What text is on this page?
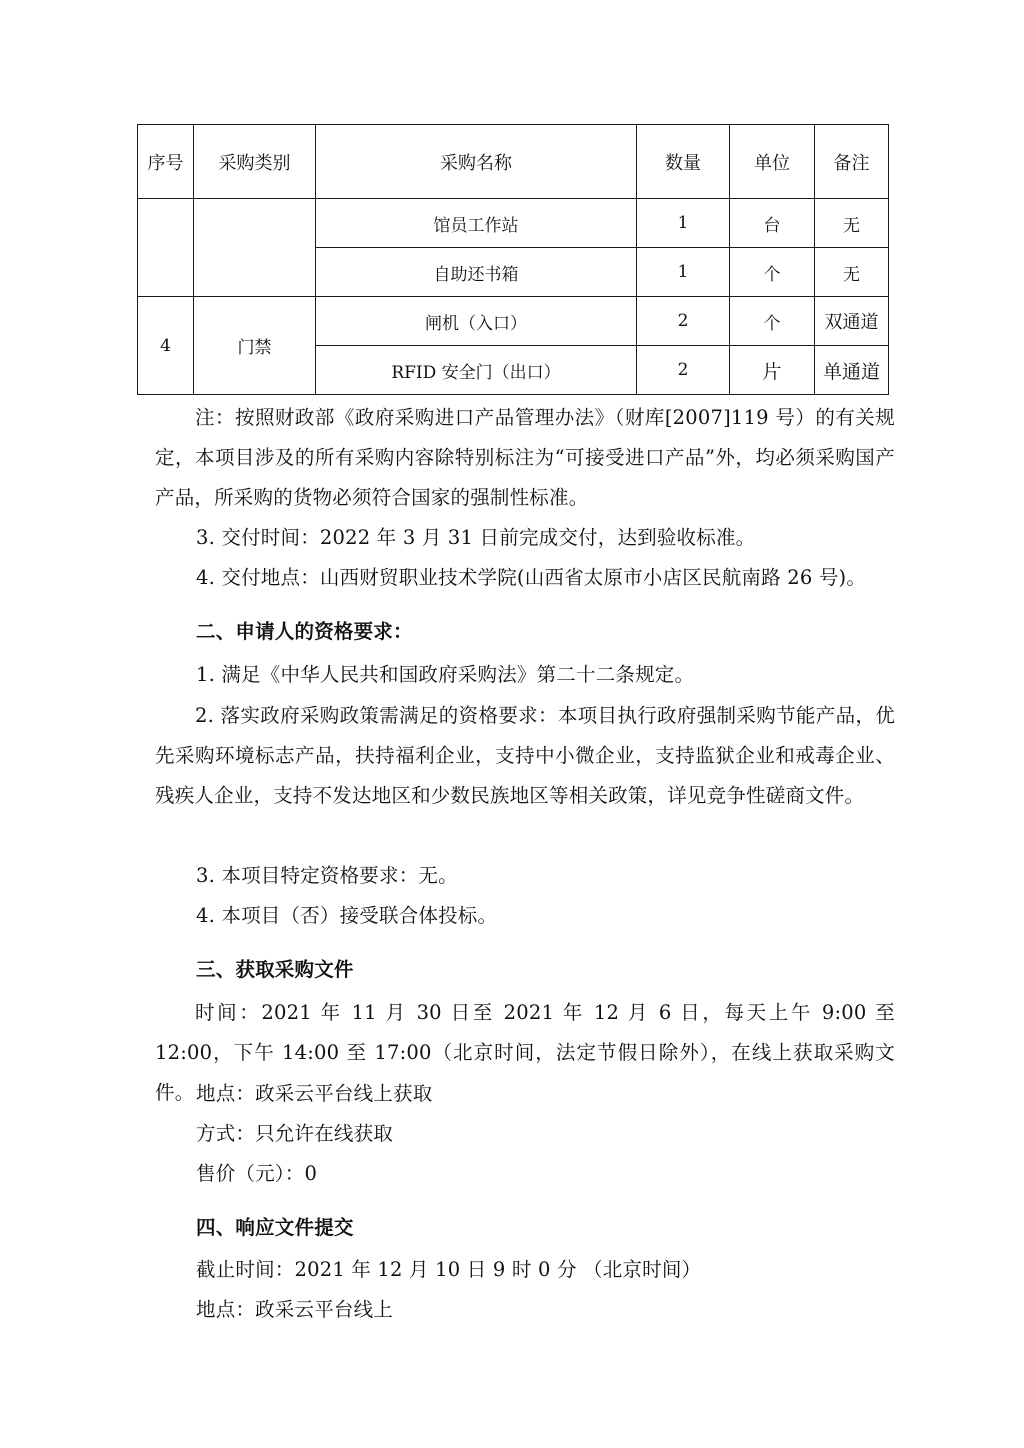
序号	采购类别	采购名称	数量	单位	备注
		馆员工作站	1	台	无
		自助还书箱	1	个	无
4	门禁	闸机（入口）	2	个	双通道
		RFID 安全门（出口）	2	片	单通道

注：按照财政部《政府采购进口产品管理办法》（财库[2007]119 号）的有关规定，本项目涉及的所有采购内容除特别标注为“可接受进口产品”外，均必须采购国产产品，所采购的货物必须符合国家的强制性标准。

3. 交付时间：2022 年 3 月 31 日前完成交付，达到验收标准。
4. 交付地点：山西财贸职业技术学院(山西省太原市小店区民航南路 26 号)。
二、申请人的资格要求：
1. 满足《中华人民共和国政府采购法》第二十二条规定。

2. 落实政府采购政策需满足的资格要求：本项目执行政府强制采购节能产品，优先采购环境标志产品，扶持福利企业，支持中小微企业，支持监狱企业和戒毒企业、残疾人企业，支持不发达地区和少数民族地区等相关政策，详见竞争性磋商文件。

3. 本项目特定资格要求：无。
4. 本项目（否）接受联合体投标。
三、获取采购文件

时间：2021 年 11 月 30 日至 2021 年 12 月 6 日，每天上午 9:00 至 12:00，下午 14:00 至 17:00（北京时间，法定节假日除外），在线上获取采购文件。 地点：政采云平台线上获取
方式：只允许在线获取
售价（元）：0
四、响应文件提交
截止时间：2021 年 12 月 10 日 9 时 0 分 （北京时间）
地点：政采云平台线上
